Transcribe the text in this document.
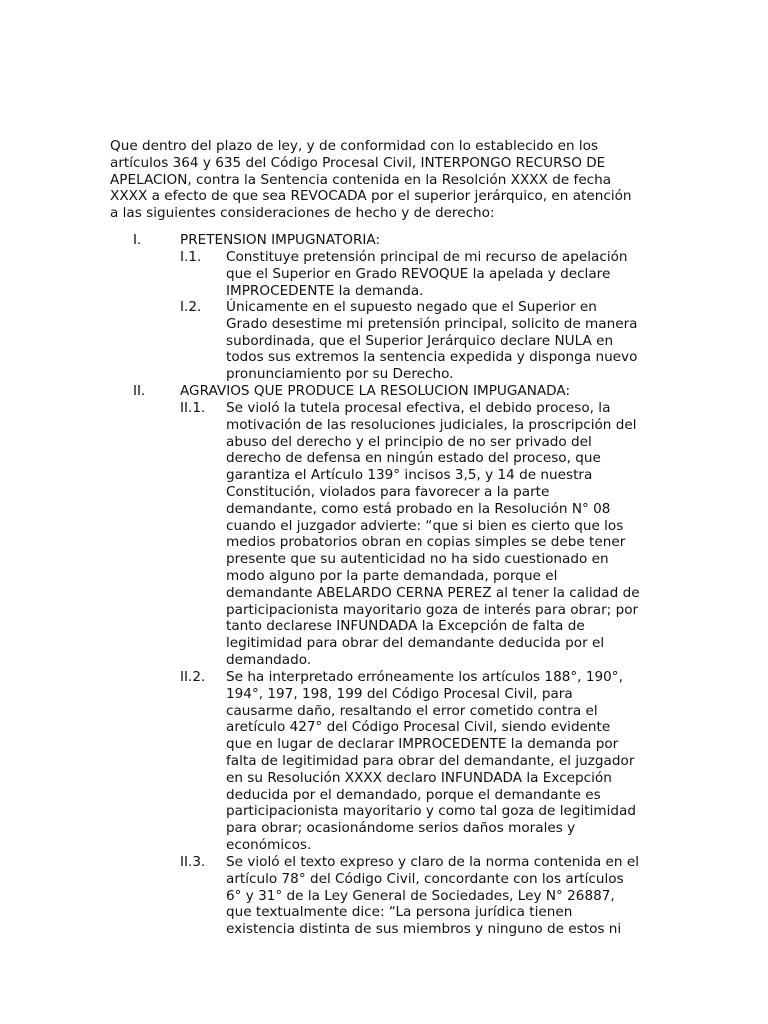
Que dentro del plazo de ley, y de conformidad con lo establecido en los
artículos 364 y 635 del Código Procesal Civil, INTERPONGO RECURSO DE
APELACION, contra la Sentencia contenida en la Resolción XXXX de fecha
XXXX a efecto de que sea REVOCADA por el superior jerárquico, en atención
a las siguientes consideraciones de hecho y de derecho:
I.	PRETENSION IMPUGNATORIA:
I.1. Constituye pretensión principal de mi recurso de apelación
que el Superior en Grado REVOQUE la apelada y declare
IMPROCEDENTE la demanda.
I.2. Únicamente en el supuesto negado que el Superior en
Grado desestime mi pretensión principal, solicito de manera
subordinada, que el Superior Jerárquico declare NULA en
todos sus extremos la sentencia expedida y disponga nuevo
pronunciamiento por su Derecho.
II.	AGRAVIOS QUE PRODUCE LA RESOLUCION IMPUGANADA:
II.1. Se violó la tutela procesal efectiva, el debido proceso, la
motivación de las resoluciones judiciales, la proscripción del
abuso del derecho y el principio de no ser privado del
derecho de defensa en ningún estado del proceso, que
garantiza el Artículo 139° incisos 3,5, y 14 de nuestra
Constitución, violados para favorecer a la parte
demandante, como está probado en la Resolución N° 08
cuando el juzgador advierte: “que si bien es cierto que los
medios probatorios obran en copias simples se debe tener
presente que su autenticidad no ha sido cuestionado en
modo alguno por la parte demandada, porque el
demandante ABELARDO CERNA PEREZ al tener la calidad de
participacionista mayoritario goza de interés para obrar; por
tanto declarese INFUNDADA la Excepción de falta de
legitimidad para obrar del demandante deducida por el
demandado.
II.2. Se ha interpretado erróneamente los artículos 188°, 190°,
194°, 197, 198, 199 del Código Procesal Civil, para
causarme daño, resaltando el error cometido contra el
aretículo 427° del Código Procesal Civil, siendo evidente
que en lugar de declarar IMPROCEDENTE la demanda por
falta de legitimidad para obrar del demandante, el juzgador
en su Resolución XXXX declaro INFUNDADA la Excepción
deducida por el demandado, porque el demandante es
participacionista mayoritario y como tal goza de legitimidad
para obrar; ocasionándome serios daños morales y
económicos.
II.3. Se violó el texto expreso y claro de la norma contenida en el
artículo 78° del Código Civil, concordante con los artículos
6° y 31° de la Ley General de Sociedades, Ley N° 26887,
que textualmente dice: “La persona jurídica tienen
existencia distinta de sus miembros y ninguno de estos ni
